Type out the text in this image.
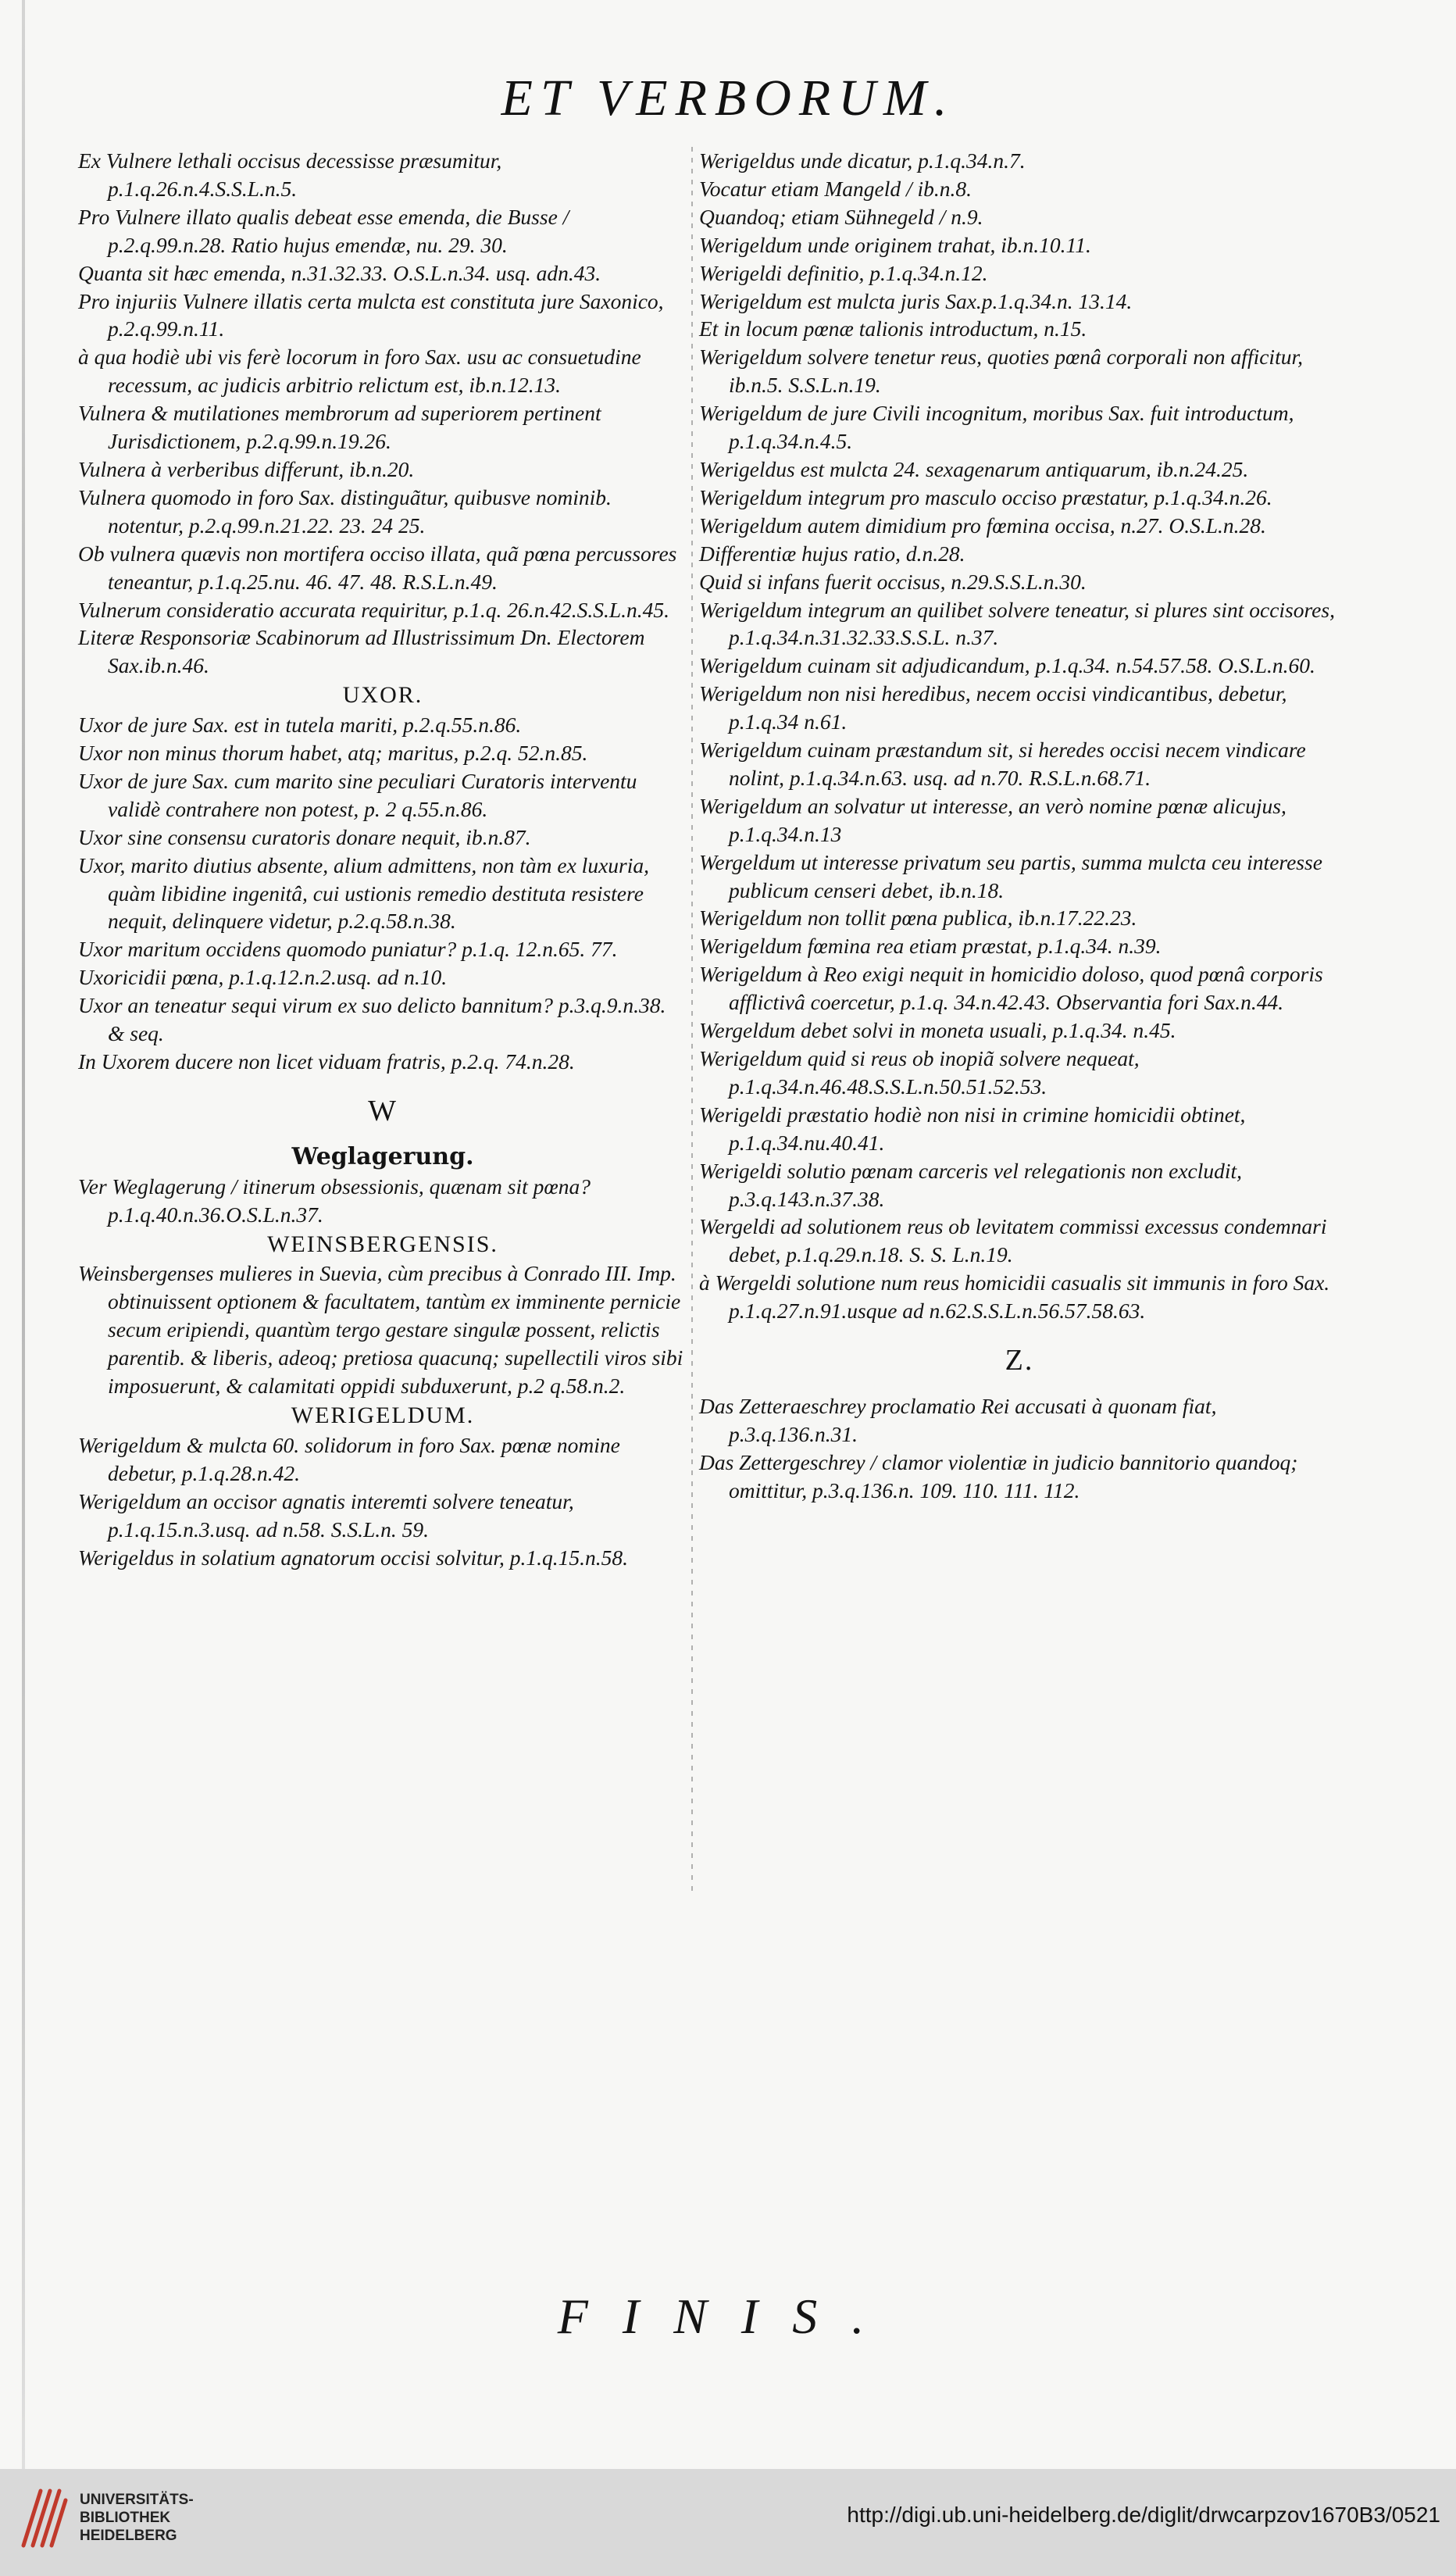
ET VERBORUM.

Ex Vulnere lethali occisus decessisse præsumitur, p.1.q.26.n.4.S.S.L.n.5.

Pro Vulnere illato qualis debeat esse emenda, die Busse / p.2.q.99.n.28. Ratio hujus emendæ, nu. 29. 30.

Quanta sit hæc emenda, n.31.32.33. O.S.L.n.34. usq. adn.43.

Pro injuriis Vulnere illatis certa mulcta est constituta jure Saxonico, p.2.q.99.n.11.

à qua hodiè ubi vis ferè locorum in foro Sax. usu ac consuetudine recessum, ac judicis arbitrio relictum est, ib.n.12.13.

Vulnera & mutilationes membrorum ad superiorem pertinent Jurisdictionem, p.2.q.99.n.19.26.

Vulnera à verberibus differunt, ib.n.20.

Vulnera quomodo in foro Sax. distinguãtur, quibusve nominib. notentur, p.2.q.99.n.21.22. 23. 24 25.

Ob vulnera quævis non mortifera occiso illata, quã pœna percussores teneantur, p.1.q.25.nu. 46. 47. 48. R.S.L.n.49.

Vulnerum consideratio accurata requiritur, p.1.q. 26.n.42.S.S.L.n.45.

Literæ Responsoriæ Scabinorum ad Illustrissimum Dn. Electorem Sax.ib.n.46.

UXOR.

Uxor de jure Sax. est in tutela mariti, p.2.q.55.n.86.

Uxor non minus thorum habet, atq; maritus, p.2.q. 52.n.85.

Uxor de jure Sax. cum marito sine peculiari Curatoris interventu validè contrahere non potest, p. 2 q.55.n.86.

Uxor sine consensu curatoris donare nequit, ib.n.87.

Uxor, marito diutius absente, alium admittens, non tàm ex luxuria, quàm libidine ingenitâ, cui ustionis remedio destituta resistere nequit, delinquere videtur, p.2.q.58.n.38.

Uxor maritum occidens quomodo puniatur? p.1.q. 12.n.65. 77.

Uxoricidii pœna, p.1.q.12.n.2.usq. ad n.10.

Uxor an teneatur sequi virum ex suo delicto bannitum? p.3.q.9.n.38. & seq.

In Uxorem ducere non licet viduam fratris, p.2.q. 74.n.28.

W

Weglagerung.

Ver Weglagerung / itinerum obsessionis, quænam sit pœna? p.1.q.40.n.36.O.S.L.n.37.

WEINSBERGENSIS.

Weinsbergenses mulieres in Suevia, cùm precibus à Conrado III. Imp. obtinuissent optionem & facultatem, tantùm ex imminente pernicie secum eripiendi, quantùm tergo gestare singulæ possent, relictis parentib. & liberis, adeoq; pretiosa quacunq; supellectili viros sibi imposuerunt, & calamitati oppidi subduxerunt, p.2 q.58.n.2.

WERIGELDUM.

Werigeldum & mulcta 60. solidorum in foro Sax. pœnæ nomine debetur, p.1.q.28.n.42.

Werigeldum an occisor agnatis interemti solvere teneatur, p.1.q.15.n.3.usq. ad n.58. S.S.L.n. 59.

Werigeldus in solatium agnatorum occisi solvitur, p.1.q.15.n.58.

Werigeldus unde dicatur, p.1.q.34.n.7.

Vocatur etiam Mangeld / ib.n.8.

Quandoq; etiam Sühnegeld / n.9.

Werigeldum unde originem trahat, ib.n.10.11.

Werigeldi definitio, p.1.q.34.n.12.

Werigeldum est mulcta juris Sax.p.1.q.34.n. 13.14.

Et in locum pœnæ talionis introductum, n.15.

Werigeldum solvere tenetur reus, quoties pœnâ corporali non afficitur, ib.n.5. S.S.L.n.19.

Werigeldum de jure Civili incognitum, moribus Sax. fuit introductum, p.1.q.34.n.4.5.

Werigeldus est mulcta 24. sexagenarum antiquarum, ib.n.24.25.

Werigeldum integrum pro masculo occiso præstatur, p.1.q.34.n.26.

Werigeldum autem dimidium pro fœmina occisa, n.27. O.S.L.n.28.

Differentiæ hujus ratio, d.n.28.

Quid si infans fuerit occisus, n.29.S.S.L.n.30.

Werigeldum integrum an quilibet solvere teneatur, si plures sint occisores, p.1.q.34.n.31.32.33.S.S.L. n.37.

Werigeldum cuinam sit adjudicandum, p.1.q.34. n.54.57.58. O.S.L.n.60.

Werigeldum non nisi heredibus, necem occisi vindicantibus, debetur, p.1.q.34 n.61.

Werigeldum cuinam præstandum sit, si heredes occisi necem vindicare nolint, p.1.q.34.n.63. usq. ad n.70. R.S.L.n.68.71.

Werigeldum an solvatur ut interesse, an verò nomine pœnæ alicujus, p.1.q.34.n.13

Wergeldum ut interesse privatum seu partis, summa mulcta ceu interesse publicum censeri debet, ib.n.18.

Werigeldum non tollit pœna publica, ib.n.17.22.23.

Werigeldum fœmina rea etiam præstat, p.1.q.34. n.39.

Werigeldum à Reo exigi nequit in homicidio doloso, quod pœnâ corporis afflictivâ coercetur, p.1.q. 34.n.42.43. Observantia fori Sax.n.44.

Wergeldum debet solvi in moneta usuali, p.1.q.34. n.45.

Werigeldum quid si reus ob inopiã solvere nequeat, p.1.q.34.n.46.48.S.S.L.n.50.51.52.53.

Werigeldi præstatio hodiè non nisi in crimine homicidii obtinet, p.1.q.34.nu.40.41.

Werigeldi solutio pœnam carceris vel relegationis non excludit, p.3.q.143.n.37.38.

Wergeldi ad solutionem reus ob levitatem commissi excessus condemnari debet, p.1.q.29.n.18. S. S. L.n.19.

à Wergeldi solutione num reus homicidii casualis sit immunis in foro Sax. p.1.q.27.n.91.usque ad n.62.S.S.L.n.56.57.58.63.

Z.

Das Zetteraeschrey proclamatio Rei accusati à quonam fiat, p.3.q.136.n.31.

Das Zettergeschrey / clamor violentiæ in judicio bannitorio quandoq; omittitur, p.3.q.136.n. 109. 110. 111. 112.

FINIS.
UNIVERSITÄTS-
BIBLIOTHEK
HEIDELBERG
http://digi.ub.uni-heidelberg.de/diglit/drwcarpzov1670B3/0521
